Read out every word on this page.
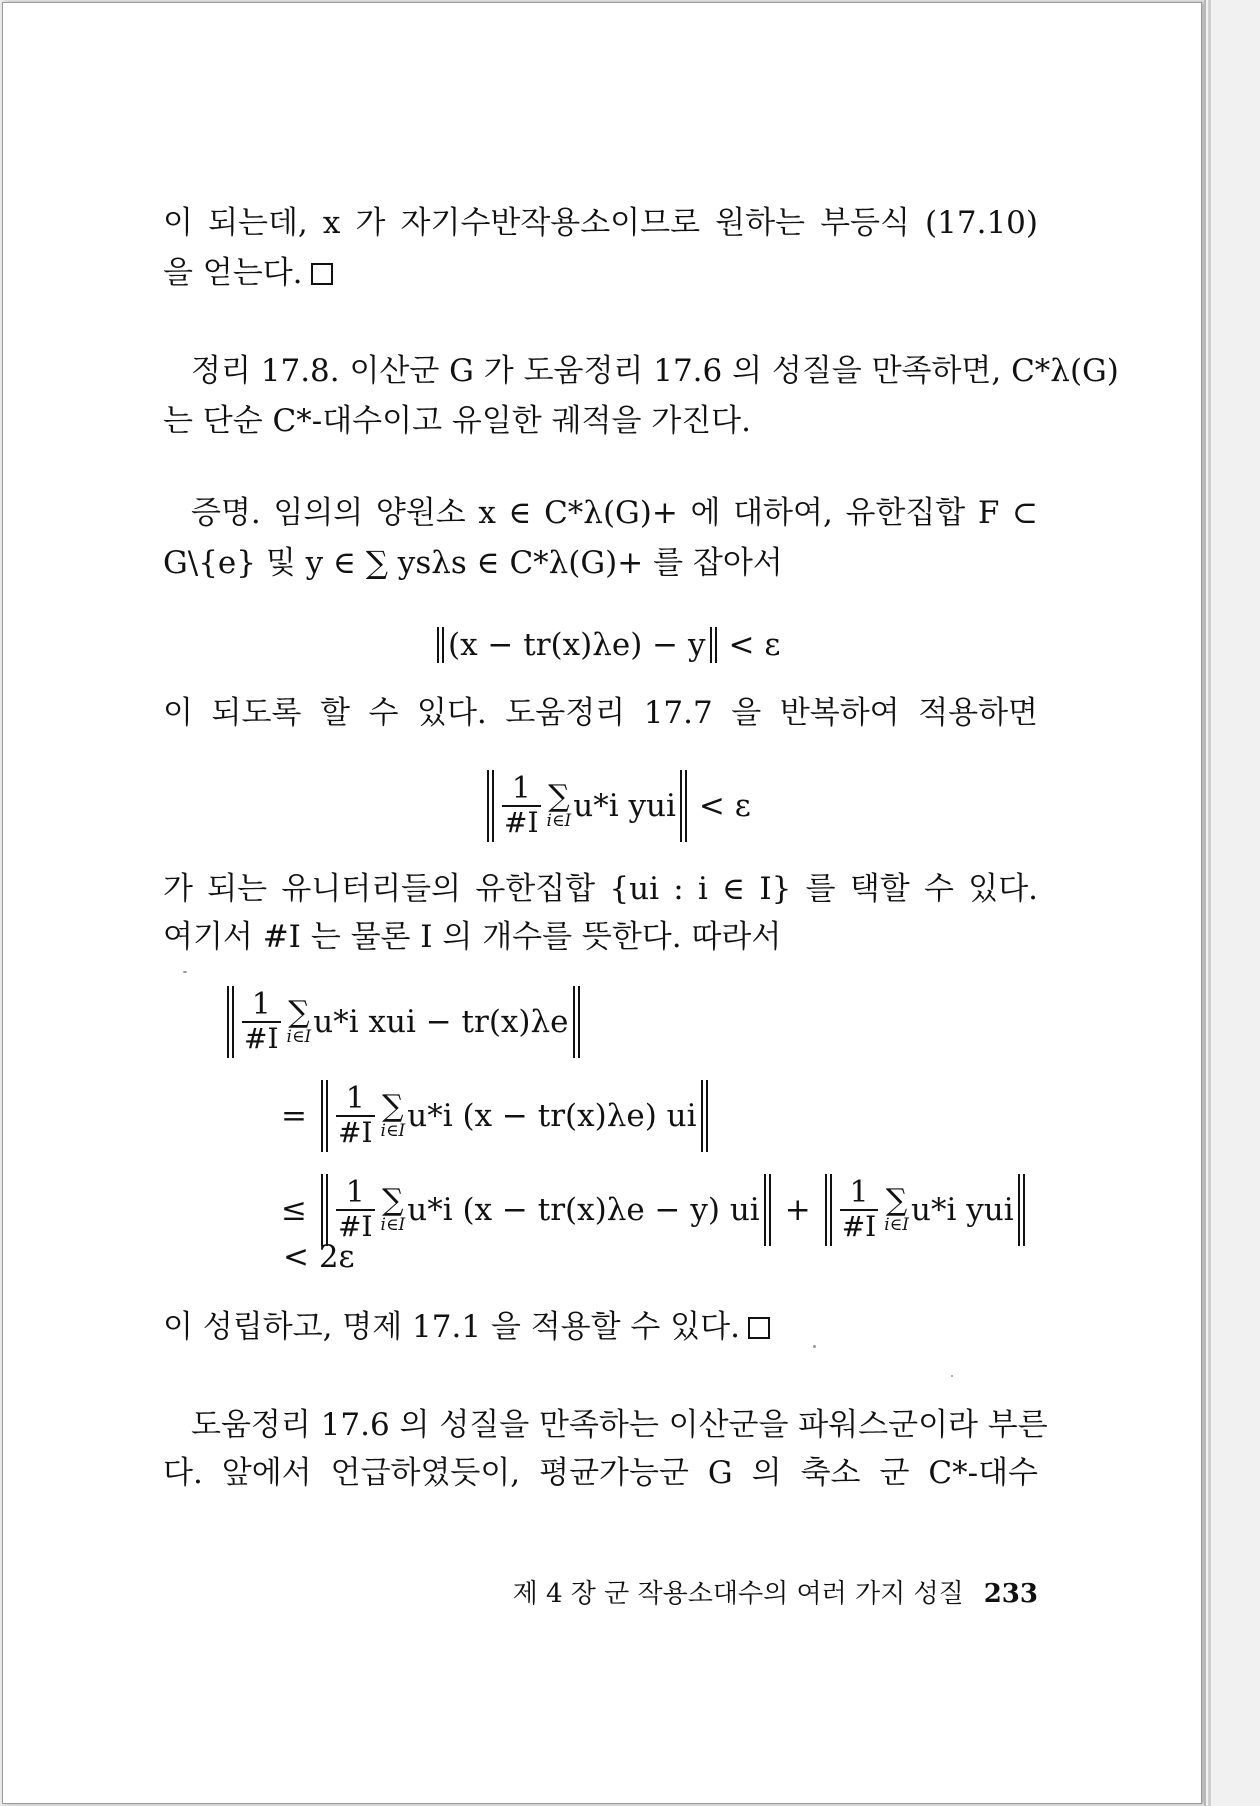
이 되는데, x 가 자기수반작용소이므로 원하는 부등식 (17.10)
을 얻는다.
정리 17.8. 이산군 G 가 도움정리 17.6 의 성질을 만족하면, C*λ(G)
는 단순 C*-대수이고 유일한 궤적을 가진다.
증명. 임의의 양원소 x ∈ C*λ(G)+ 에 대하여, 유한집합 F ⊂
G\{e} 및 y ∈ ∑ ysλs ∈ C*λ(G)+ 를 잡아서
(x − tr(x)λe) − y < ε
이 되도록 할 수 있다. 도움정리 17.7 을 반복하여 적용하면
$\frac{1}{\#I}$ ∑
i∈I u*i yui < ε
가 되는 유니터리들의 유한집합 {ui : i ∈ I} 를 택할 수 있다.
여기서 #I 는 물론 I 의 개수를 뜻한다. 따라서
$\frac{1}{\#I}$ ∑
i∈I u*i xui − tr(x)λe
= $\frac{1}{\#I}$ ∑
i∈I u*i (x − tr(x)λe) ui
≤ $\frac{1}{\#I}$ ∑
i∈I u*i (x − tr(x)λe − y) ui + $\frac{1}{\#I}$ ∑
i∈I u*i yui
< 2ε
이 성립하고, 명제 17.1 을 적용할 수 있다.
도움정리 17.6 의 성질을 만족하는 이산군을 파워스군이라 부른
다. 앞에서 언급하였듯이, 평균가능군 G 의 축소 군 C*-대수
제 4 장 군 작용소대수의 여러 가지 성질 233
